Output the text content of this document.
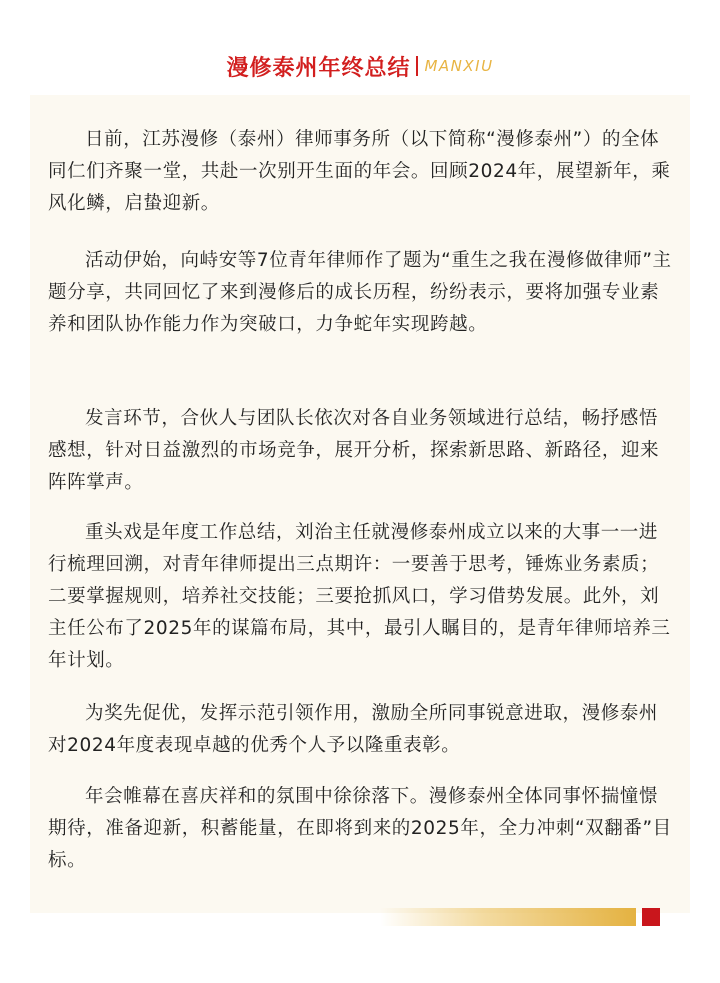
漫修泰州年终总结 MANXIU

日前，江苏漫修（泰州）律师事务所（以下简称“漫修泰州”）的全体同仁们齐聚一堂，共赴一次别开生面的年会。回顾2024年，展望新年，乘风化鳞，启蛰迎新。

活动伊始，向峙安等7位青年律师作了题为“重生之我在漫修做律师”主题分享，共同回忆了来到漫修后的成长历程，纷纷表示，要将加强专业素养和团队协作能力作为突破口，力争蛇年实现跨越。

发言环节，合伙人与团队长依次对各自业务领域进行总结，畅抒感悟感想，针对日益激烈的市场竞争，展开分析，探索新思路、新路径，迎来阵阵掌声。

重头戏是年度工作总结，刘治主任就漫修泰州成立以来的大事一一进行梳理回溯，对青年律师提出三点期许：一要善于思考，锤炼业务素质；二要掌握规则，培养社交技能；三要抢抓风口，学习借势发展。此外，刘主任公布了2025年的谋篇布局，其中，最引人瞩目的，是青年律师培养三年计划。

为奖先促优，发挥示范引领作用，激励全所同事锐意进取，漫修泰州对2024年度表现卓越的优秀个人予以隆重表彰。

年会帷幕在喜庆祥和的氛围中徐徐落下。漫修泰州全体同事怀揣憧憬期待，准备迎新，积蓄能量，在即将到来的2025年，全力冲刺“双翻番”目标。
